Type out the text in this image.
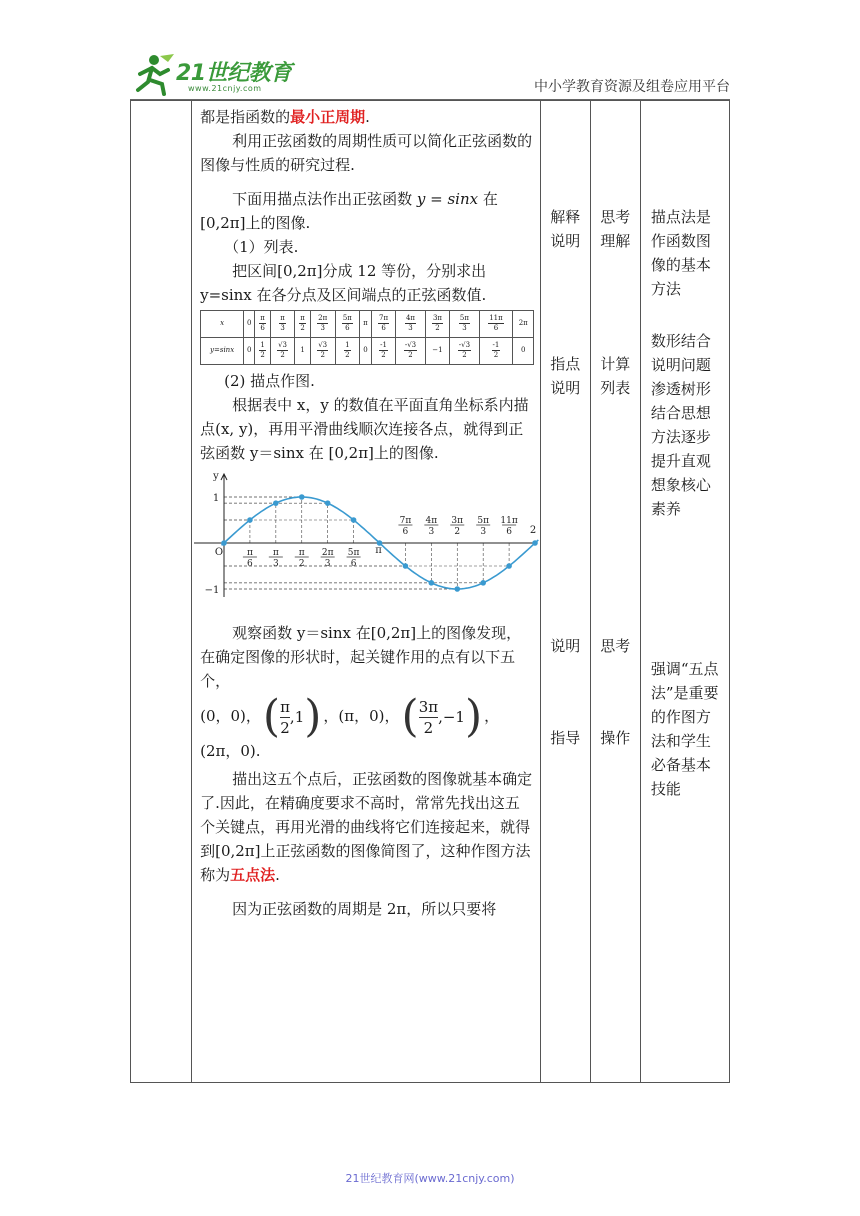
21世纪教育
www.21cnjy.com	中小学教育资源及组卷应用平台

都是指函数的最小正周期.

利用正弦函数的周期性质可以简化正弦函数的图像与性质的研究过程.

下面用描点法作出正弦函数 y = sinx 在[0,2π]上的图像.

（1）列表.

把区间[0,2π]分成 12 等份，分别求出y=sinx 在各分点及区间端点的正弦函数值.

x	0	$\frac{\pi}{6}$	$\frac{\pi}{3}$	$\frac{\pi}{2}$	$\frac{2\pi}{3}$	$\frac{5\pi}{6}$	π	$\frac{7\pi}{6}$	$\frac{4\pi}{3}$	$\frac{3\pi}{2}$	$\frac{5\pi}{3}$	$\frac{11\pi}{6}$	2π
y=sinx	0	$\frac{1}{2}$	$\frac{√3}{2}$	1	$\frac{√3}{2}$	$\frac{1}{2}$	0	$\frac{-1}{2}$	$\frac{-√3}{2}$	−1	$\frac{-√3}{2}$	$\frac{-1}{2}$	0

(2) 描点作图.

根据表中 x，y 的数值在平面直角坐标系内描点(x, y)，再用平滑曲线顺次连接各点，就得到正弦函数 y＝sinx 在 [0,2π]上的图像.

y
1
−1
O	π
6
π
3
π
2
2π
3
5π
6
π
7π
6
4π
3
3π
2
5π
3
11π
6 2

观察函数 y＝sinx 在[0,2π]上的图像发现，在确定图像的形状时，起关键作用的点有以下五个，

(0，0)， ( π
2
,1 ) ，(π，0)， ( 3π
2
,−1 ) ，(2π，0).

描出这五个点后，正弦函数的图像就基本确定了.因此，在精确度要求不高时，常常先找出这五个关键点，再用光滑的曲线将它们连接起来，就得到[0,2π]上正弦函数的图像简图了，这种作图方法称为五点法.

因为正弦函数的周期是 2π，所以只要将

解释说明
指点说明
说明
指导

思考理解
计算列表
思考
操作

描点法是作函数图像的基本方法
数形结合说明问题渗透树形结合思想方法逐步提升直观想象核心素养
强调“五点法”是重要的作图方法和学生必备基本技能
21世纪教育网(www.21cnjy.com)
